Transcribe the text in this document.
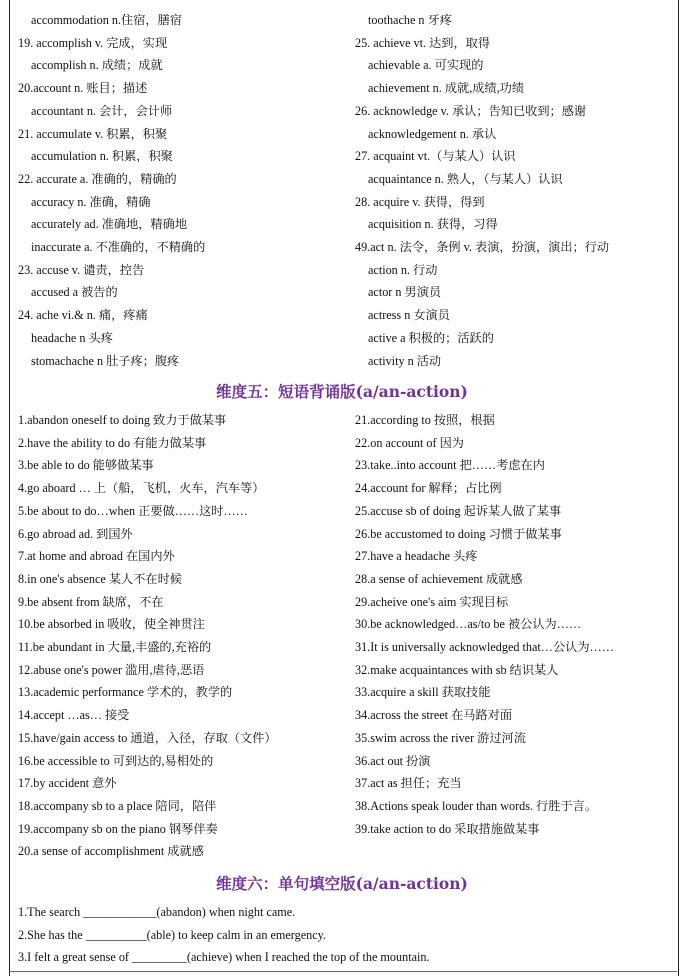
accommodation n.住宿，膳宿
19. accomplish v. 完成，实现
accomplish n. 成绩；成就
20.account n. 账目；描述
accountant n. 会计，会计师
21. accumulate v. 积累，积聚
accumulation n. 积累，积聚
22. accurate a. 准确的，精确的
accuracy n. 准确，精确
accurately ad. 准确地，精确地
inaccurate a. 不准确的，不精确的
23. accuse v. 谴责，控告
accused a 被告的
24. ache vi.& n. 痛，疼痛
headache n 头疼
stomachache n 肚子疼；腹疼
toothache n 牙疼
25. achieve vt. 达到，取得
achievable a. 可实现的
achievement n. 成就,成绩,功绩
26. acknowledge v. 承认；告知已收到；感谢
acknowledgement n. 承认
27. acquaint vt.（与某人）认识
acquaintance n. 熟人，（与某人）认识
28. acquire v. 获得，得到
acquisition n. 获得，习得
49.act n. 法令，条例 v. 表演，扮演，演出；行动
action n. 行动
actor n 男演员
actress n 女演员
active a 积极的；活跃的
activity n 活动
维度五：短语背诵版(a/an-action)
1.abandon oneself to doing 致力于做某事
2.have the ability to do 有能力做某事
3.be able to do 能够做某事
4.go aboard … 上（船，飞机，火车，汽车等）
5.be about to do…when 正要做……这时……
6.go abroad ad. 到国外
7.at home and abroad 在国内外
8.in one's absence 某人不在时候
9.be absent from 缺席，不在
10.be absorbed in 吸收，使全神贯注
11.be abundant in 大量,丰盛的,充裕的
12.abuse one's power 滥用,虐待,恶语
13.academic performance 学术的，教学的
14.accept …as… 接受
15.have/gain access to 通道，入径，存取（文件）
16.be accessible to 可到达的,易相处的
17.by accident 意外
18.accompany sb to a place 陪同，陪伴
19.accompany sb on the piano 钢琴伴奏
20.a sense of accomplishment 成就感
21.according to 按照，根据
22.on account of 因为
23.take..into account 把……考虑在内
24.account for 解释；占比例
25.accuse sb of doing 起诉某人做了某事
26.be accustomed to doing 习惯于做某事
27.have a headache 头疼
28.a sense of achievement 成就感
29.acheive one's aim 实现目标
30.be acknowledged…as/to be 被公认为……
31.It is universally acknowledged that…公认为……
32.make acquaintances with sb 结识某人
33.acquire a skill 获取技能
34.across the street 在马路对面
35.swim across the river 游过河流
36.act out 扮演
37.act as 担任；充当
38.Actions speak louder than words. 行胜于言。
39.take action to do 采取措施做某事
维度六：单句填空版(a/an-action)
1.The search ____________(abandon) when night came.
2.She has the __________(able) to keep calm in an emergency.
3.I felt a great sense of _________(achieve) when I reached the top of the mountain.
